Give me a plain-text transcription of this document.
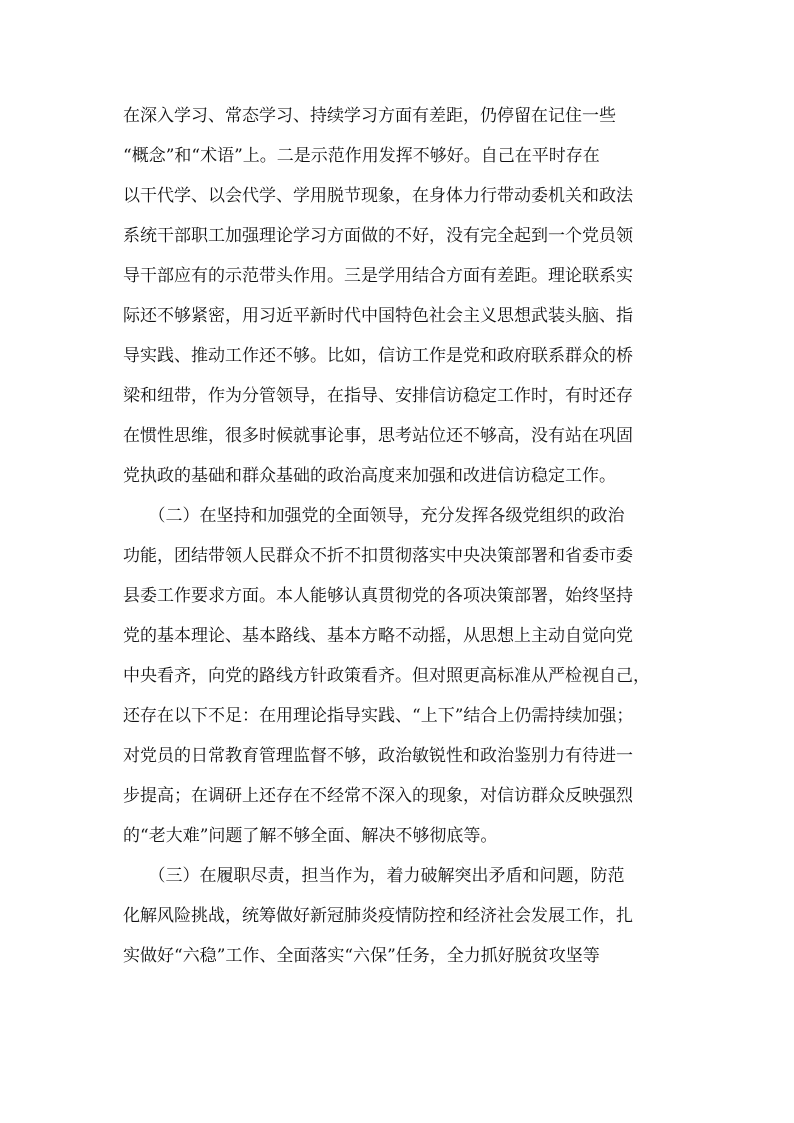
在深入学习、常态学习、持续学习方面有差距，仍停留在记住一些
“概念”和“术语”上。二是示范作用发挥不够好。自己在平时存在
以干代学、以会代学、学用脱节现象，在身体力行带动委机关和政法
系统干部职工加强理论学习方面做的不好，没有完全起到一个党员领
导干部应有的示范带头作用。三是学用结合方面有差距。理论联系实
际还不够紧密，用习近平新时代中国特色社会主义思想武装头脑、指
导实践、推动工作还不够。比如，信访工作是党和政府联系群众的桥
梁和纽带，作为分管领导，在指导、安排信访稳定工作时，有时还存
在惯性思维，很多时候就事论事，思考站位还不够高，没有站在巩固
党执政的基础和群众基础的政治高度来加强和改进信访稳定工作。
　　（二）在坚持和加强党的全面领导，充分发挥各级党组织的政治
功能，团结带领人民群众不折不扣贯彻落实中央决策部署和省委市委
县委工作要求方面。本人能够认真贯彻党的各项决策部署，始终坚持
党的基本理论、基本路线、基本方略不动摇，从思想上主动自觉向党
中央看齐，向党的路线方针政策看齐。但对照更高标准从严检视自己，
还存在以下不足：在用理论指导实践、“上下”结合上仍需持续加强；
对党员的日常教育管理监督不够，政治敏锐性和政治鉴别力有待进一
步提高；在调研上还存在不经常不深入的现象，对信访群众反映强烈
的“老大难”问题了解不够全面、解决不够彻底等。
　　（三）在履职尽责，担当作为，着力破解突出矛盾和问题，防范
化解风险挑战，统筹做好新冠肺炎疫情防控和经济社会发展工作，扎
实做好“六稳”工作、全面落实“六保”任务，全力抓好脱贫攻坚等
